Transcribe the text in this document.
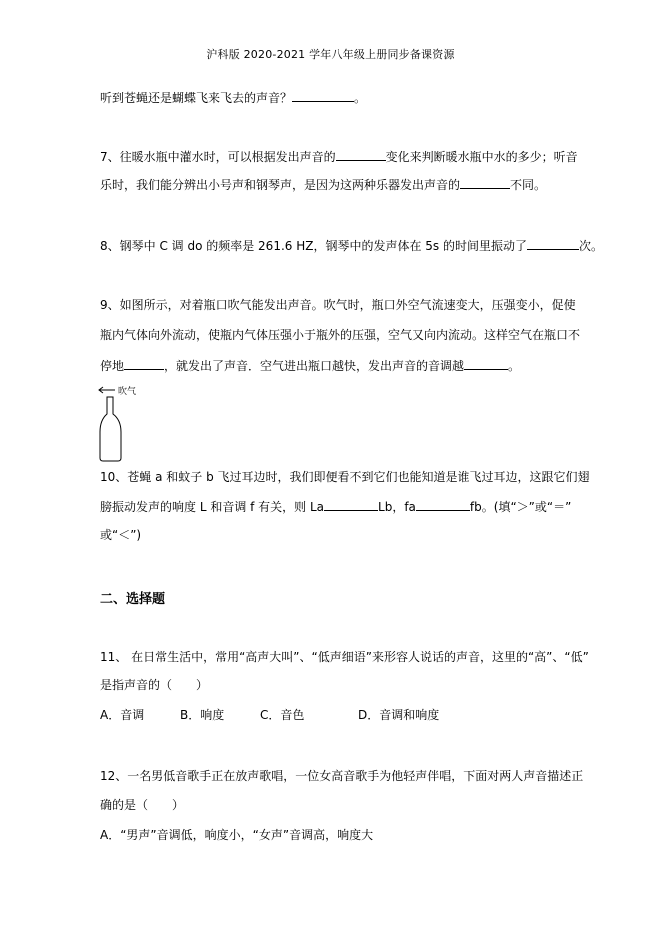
沪科版 2020-2021 学年八年级上册同步备课资源
听到苍蝇还是蝴蝶飞来飞去的声音？	。
7、往暖水瓶中灌水时，可以根据发出声音的	变化来判断暖水瓶中水的多少；听音
乐时，我们能分辨出小号声和钢琴声，是因为这两种乐器发出声音的	不同。
8、钢琴中 C 调 do 的频率是 261.6 HZ，钢琴中的发声体在 5s 的时间里振动了	次。
9、如图所示，对着瓶口吹气能发出声音。吹气时，瓶口外空气流速变大，压强变小，促使
瓶内气体向外流动，使瓶内气体压强小于瓶外的压强，空气又向内流动。这样空气在瓶口不
停地	，就发出了声音．空气进出瓶口越快，发出声音的音调越	。
吹气
10、苍蝇 a 和蚊子 b 飞过耳边时，我们即便看不到它们也能知道是谁飞过耳边，这跟它们翅
膀振动发声的响度 L 和音调 f 有关，则 La	Lb，fa	fb。(填“＞”或“＝”
或“＜”)
二、选择题
11、 在日常生活中，常用“高声大叫”、“低声细语”来形容人说话的声音，这里的“高”、“低”
是指声音的（　　）
A．音调	B．响度	C．音色	D．音调和响度
12、一名男低音歌手正在放声歌唱，一位女高音歌手为他轻声伴唱，下面对两人声音描述正
确的是（　　）
A．“男声”音调低，响度小，“女声”音调高，响度大
